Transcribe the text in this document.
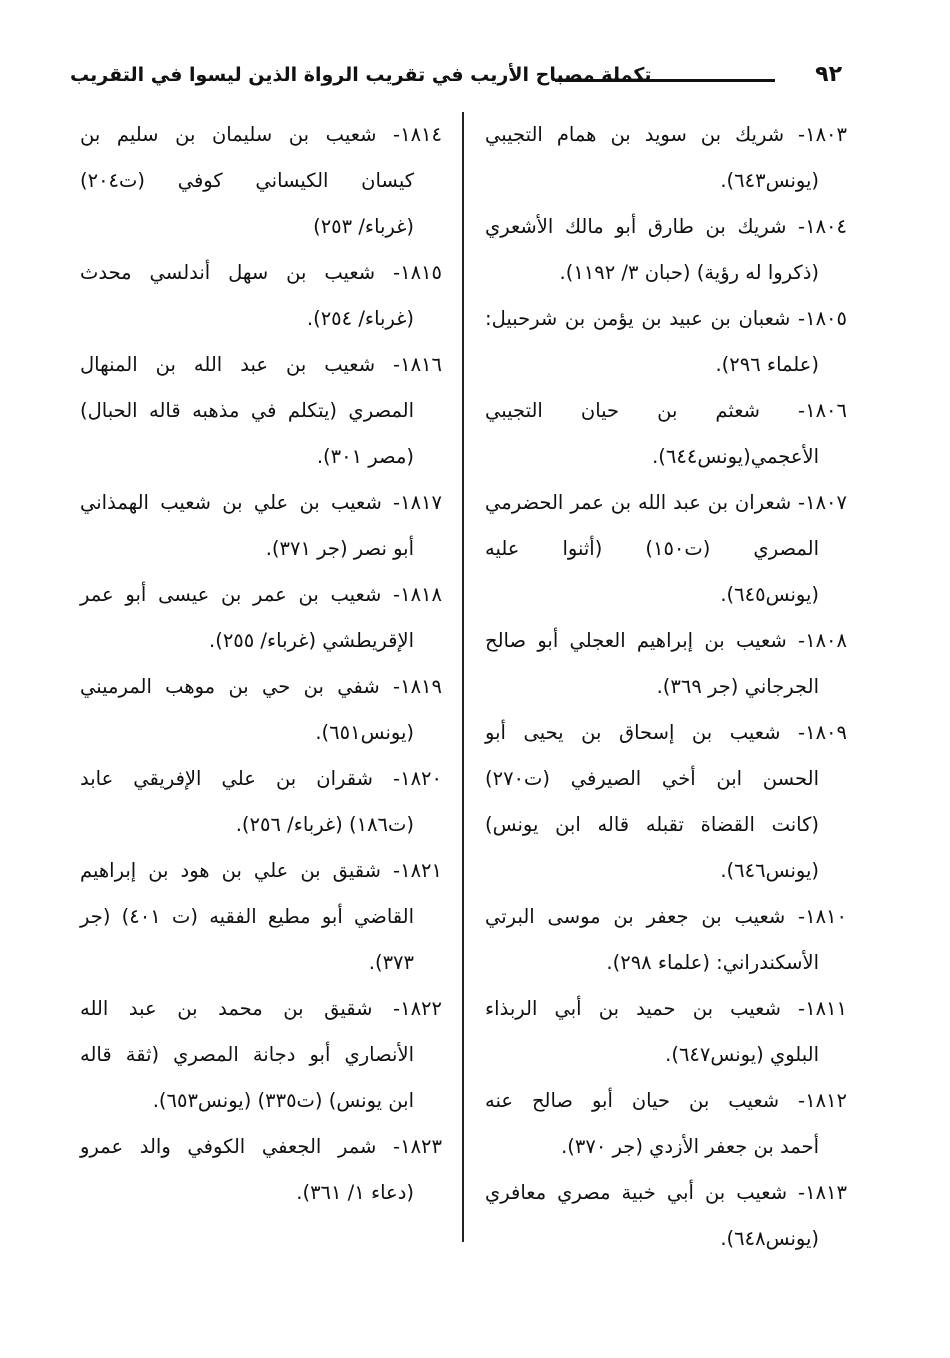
٩٢
تكملة مصباح الأريب في تقريب الرواة الذين ليسوا في التقريب

١٨٠٣- شريك بن سويد بن همام التجيبي

(يونس٦٤٣).

١٨٠٤- شريك بن طارق أبو مالك الأشعري

(ذكروا له رؤية) (حبان ٣/ ١١٩٢).

١٨٠٥- شعبان بن عبيد بن يؤمن بن شرحبيل:

(علماء ٢٩٦).

١٨٠٦- شعثم بن حيان التجيبي

الأعجمي(يونس٦٤٤).

١٨٠٧- شعران بن عبد الله بن عمر الحضرمي

المصري (ت١٥٠) (أثنوا عليه

(يونس٦٤٥).

١٨٠٨- شعيب بن إبراهيم العجلي أبو صالح

الجرجاني (جر ٣٦٩).

١٨٠٩- شعيب بن إسحاق بن يحيى أبو

الحسن ابن أخي الصيرفي (ت٢٧٠)

(كانت القضاة تقبله قاله ابن يونس)

(يونس٦٤٦).

١٨١٠- شعيب بن جعفر بن موسى البرتي

الأسكندراني: (علماء ٢٩٨).

١٨١١- شعيب بن حميد بن أبي الربذاء

البلوي (يونس٦٤٧).

١٨١٢- شعيب بن حيان أبو صالح عنه

أحمد بن جعفر الأزدي (جر ٣٧٠).

١٨١٣- شعيب بن أبي خبية مصري معافري

(يونس٦٤٨).

١٨١٤- شعيب بن سليمان بن سليم بن

كيسان الكيساني كوفي (ت٢٠٤)

(غرباء/ ٢٥٣)

١٨١٥- شعيب بن سهل أندلسي محدث

(غرباء/ ٢٥٤).

١٨١٦- شعيب بن عبد الله بن المنهال

المصري (يتكلم في مذهبه قاله الحبال)

(مصر ٣٠١).

١٨١٧- شعيب بن علي بن شعيب الهمذاني

أبو نصر (جر ٣٧١).

١٨١٨- شعيب بن عمر بن عيسى أبو عمر

الإقريطشي (غرباء/ ٢٥٥).

١٨١٩- شفي بن حي بن موهب المرميني

(يونس٦٥١).

١٨٢٠- شقران بن علي الإفريقي عابد

(ت١٨٦) (غرباء/ ٢٥٦).

١٨٢١- شقيق بن علي بن هود بن إبراهيم

القاضي أبو مطيع الفقيه (ت ٤٠١) (جر

٣٧٣).

١٨٢٢- شقيق بن محمد بن عبد الله

الأنصاري أبو دجانة المصري (ثقة قاله

ابن يونس) (ت٣٣٥) (يونس٦٥٣).

١٨٢٣- شمر الجعفي الكوفي والد عمرو

(دعاء ١/ ٣٦١).
